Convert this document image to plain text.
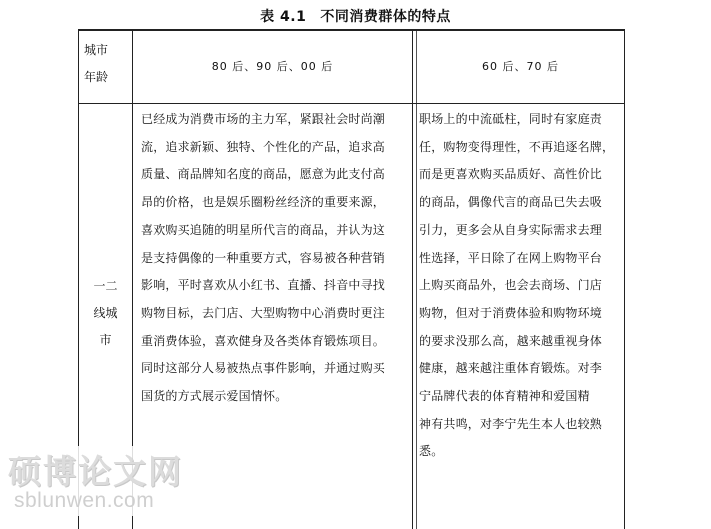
表 4.1 不同消费群体的特点
城市
年龄
80 后、90 后、00 后	60 后、70 后
一二
线城
市
已经成为消费市场的主力军，紧跟社会时尚潮
流，追求新颖、独特、个性化的产品，追求高
质量、商品牌知名度的商品，愿意为此支付高
昂的价格，也是娱乐圈粉丝经济的重要来源，
喜欢购买追随的明星所代言的商品，并认为这
是支持偶像的一种重要方式，容易被各种营销
影响，平时喜欢从小红书、直播、抖音中寻找
购物目标，去门店、大型购物中心消费时更注
重消费体验，喜欢健身及各类体育锻炼项目。
同时这部分人易被热点事件影响，并通过购买
国货的方式展示爱国情怀。
职场上的中流砥柱，同时有家庭责
任，购物变得理性，不再追逐名牌，
而是更喜欢购买品质好、高性价比
的商品，偶像代言的商品已失去吸
引力，更多会从自身实际需求去理
性选择，平日除了在网上购物平台
上购买商品外，也会去商场、门店
购物，但对于消费体验和购物环境
的要求没那么高，越来越重视身体
健康，越来越注重体育锻炼。对李
宁品牌代表的体育精神和爱国精
神有共鸣，对李宁先生本人也较熟
悉。
硕博论文网
sblunwen.com
